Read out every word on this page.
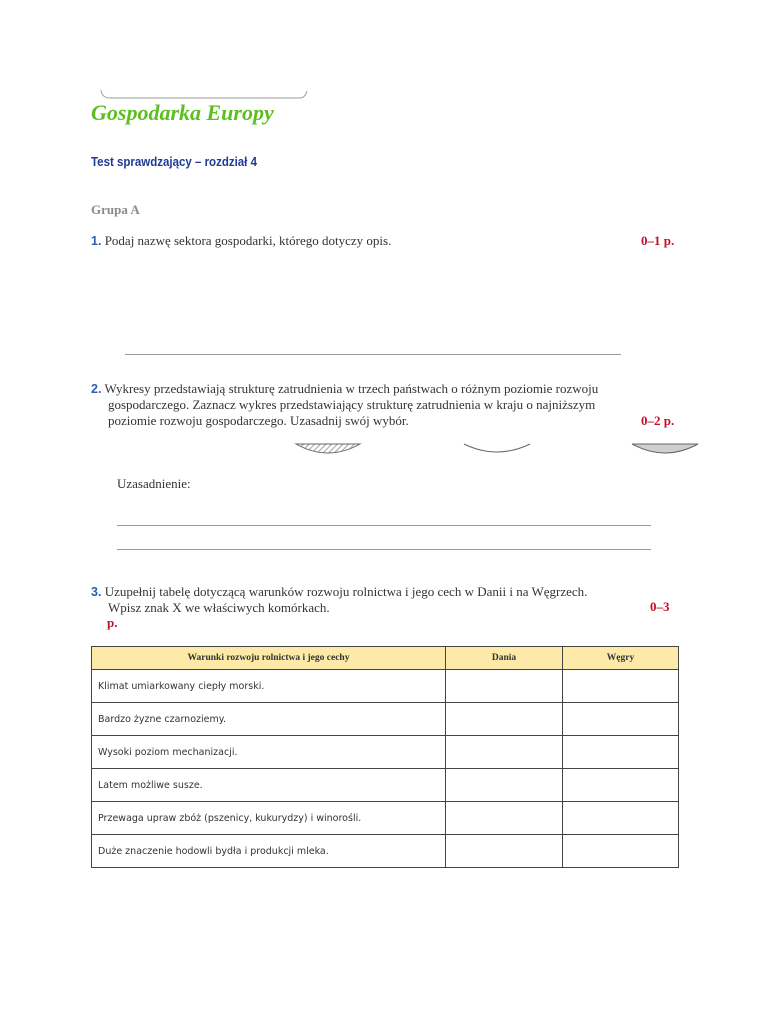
Gospodarka Europy
Test sprawdzający – rozdział 4
Grupa A
1. Podaj nazwę sektora gospodarki, którego dotyczy opis.	0–1 p.
2. Wykresy przedstawiają strukturę zatrudnienia w trzech państwach o różnym poziomie rozwoju
gospodarczego. Zaznacz wykres przedstawiający strukturę zatrudnienia w kraju o najniższym
poziomie rozwoju gospodarczego. Uzasadnij swój wybór.	0–2 p.
Uzasadnienie:
3. Uzupełnij tabelę dotyczącą warunków rozwoju rolnictwa i jego cech w Danii i na Węgrzech.
Wpisz znak X we właściwych komórkach.	0–3
p.
Warunki rozwoju rolnictwa i jego cechy	Dania	Węgry
Klimat umiarkowany ciepły morski.		
Bardzo żyzne czarnoziemy.		
Wysoki poziom mechanizacji.		
Latem możliwe susze.		
Przewaga upraw zbóż (pszenicy, kukurydzy) i winorośli.		
Duże znaczenie hodowli bydła i produkcji mleka.		
